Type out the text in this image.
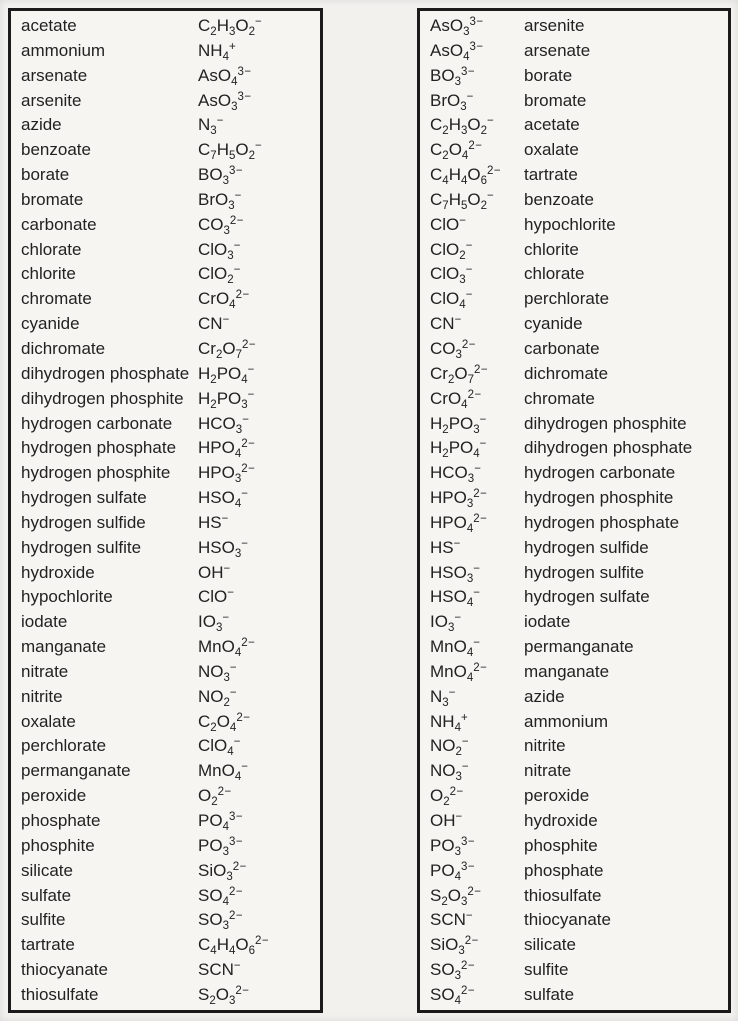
acetate	$C_2H_3O_2^-$
ammonium	$NH_4^+$
arsenate	AsO$_4^{3-}$
arsenite	AsO$_3^{3-}$
azide	$N_3^-$
benzoate	$C_7H_5O_2^-$
borate	$BO_3^{3-}$
bromate	BrO$_3$−
carbonate	$CO_3^{2-}$
chlorate	ClO$_3$−
chlorite	ClO$_2$−
chromate	CrO$_4^{2-}$
cyanide	CN−
dichromate	$Cr_2O_7^{2-}$
dihydrogen phosphate $H_2PO_4^-$
dihydrogen phosphite $H_2PO_3^-$
hydrogen carbonate $HCO_3^-$
hydrogen phosphate $HPO_4^{2-}$
hydrogen phosphite $HPO_3^{2-}$
hydrogen sulfate	$HSO_4^-$
hydrogen sulfide	HS−
hydrogen sulfite	$HSO_3^-$
hydroxide	OH−
hypochlorite	ClO−
iodate	$IO_3^-$
manganate	MnO$_4^{2-}$
nitrate	$NO_3^-$
nitrite	$NO_2^-$
oxalate	$C_2O_4^{2-}$
perchlorate	ClO$_4$−
permanganate	MnO$_4$−
peroxide	$O_2^{2-}$
phosphate	$PO_4^{3-}$
phosphite	$PO_3^{3-}$
silicate	SiO$_3^{2-}$
sulfate	$SO_4^{2-}$
sulfite	$SO_3^{2-}$
tartrate	$C_4H_4O_6^{2-}$
thiocyanate	SCN−
thiosulfate	$S_2O_3^{2-}$
AsO$_3^{3-}$ arsenite
AsO$_4^{3-}$ arsenate
$BO_3^{3-}$	borate
BrO$_3$−	bromate
$C_2H_3O_2^-$ acetate
$C_2O_4^{2-}$ oxalate
$C_4H_4O_6^{2-}$ tartrate
$C_7H_5O_2^-$ benzoate
ClO−	hypochlorite
ClO$_2$−	chlorite
ClO$_3$−	chlorate
ClO$_4$−	perchlorate
CN−	cyanide
$CO_3^{2-}$	carbonate
$Cr_2O_7^{2-}$ dichromate
CrO$_4^{2-}$ chromate
$H_2PO_3^-$ dihydrogen phosphite
$H_2PO_4^-$ dihydrogen phosphate
$HCO_3^-$	hydrogen carbonate
$HPO_3^{2-}$ hydrogen phosphite
$HPO_4^{2-}$ hydrogen phosphate
HS−	hydrogen sulfide
$HSO_3^-$	hydrogen sulfite
$HSO_4^-$	hydrogen sulfate
$IO_3^-$	iodate
MnO$_4$−	permanganate
MnO$_4^{2-}$ manganate
$N_3^-$	azide
$NH_4^+$	ammonium
$NO_2^-$	nitrite
$NO_3^-$	nitrate
$O_2^{2-}$	peroxide
OH−	hydroxide
$PO_3^{3-}$	phosphite
$PO_4^{3-}$	phosphate
$S_2O_3^{2-}$ thiosulfate
SCN−	thiocyanate
SiO$_3^{2-}$	silicate
$SO_3^{2-}$	sulfite
$SO_4^{2-}$	sulfate
